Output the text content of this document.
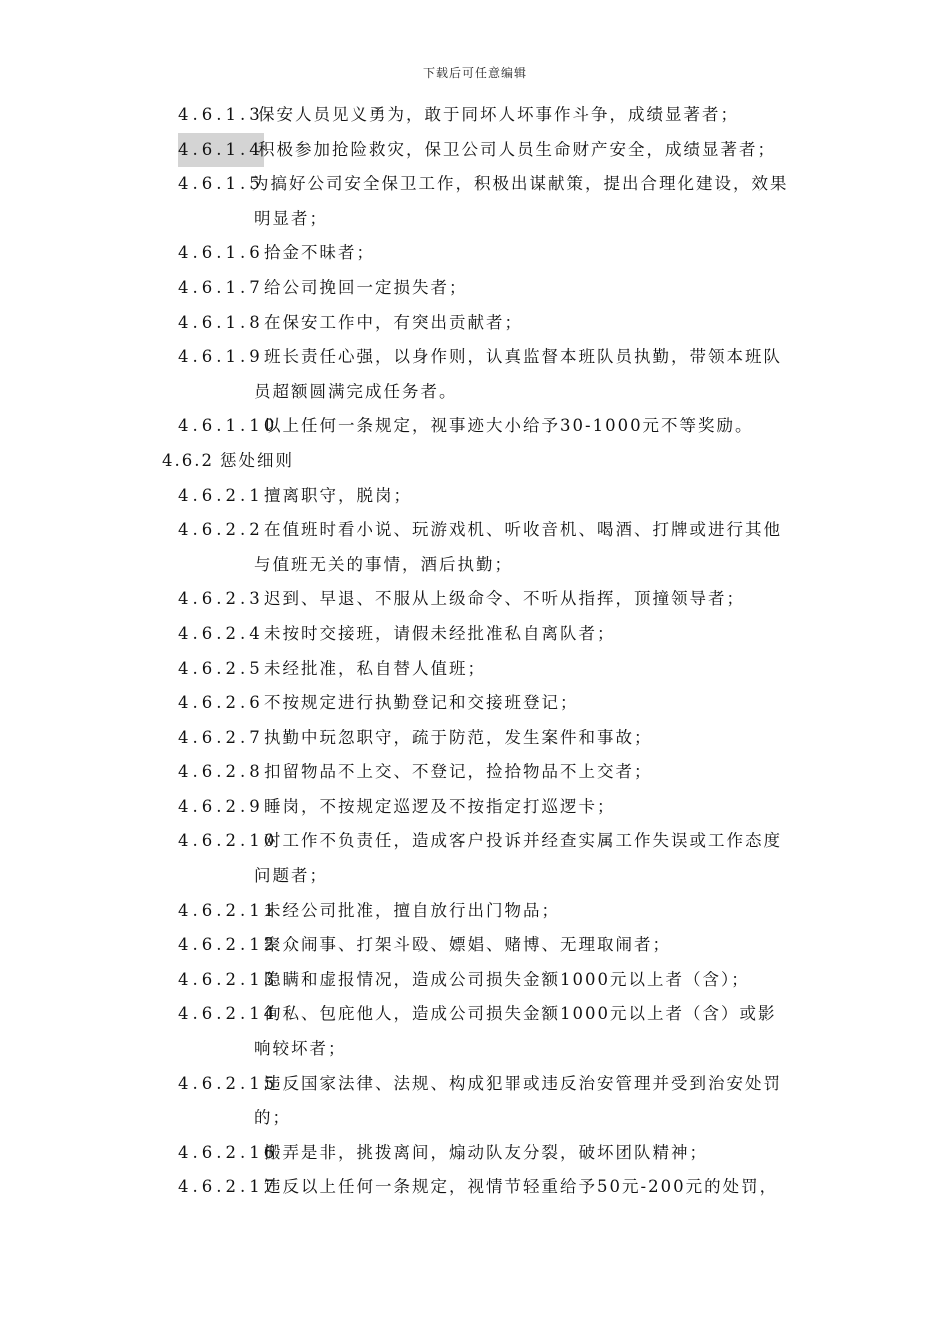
下载后可任意编辑
4.6.1.3
保安人员见义勇为，敢于同坏人坏事作斗争，成绩显著者；
4.6.1.4
积极参加抢险救灾，保卫公司人员生命财产安全，成绩显著者；
4.6.1.5
为搞好公司安全保卫工作，积极出谋献策，提出合理化建设，效果
明显者；
4.6.1.6 拾金不昧者；
4.6.1.7 给公司挽回一定损失者；
4.6.1.8 在保安工作中，有突出贡献者；
4.6.1.9 班长责任心强，以身作则，认真监督本班队员执勤，带领本班队
员超额圆满完成任务者。
4.6.1.10
以上任何一条规定，视事迹大小给予30-1000元不等奖励。
4.6.2 惩处细则
4.6.2.1 擅离职守，脱岗；
4.6.2.2 在值班时看小说、玩游戏机、听收音机、喝酒、打牌或进行其他
与值班无关的事情，酒后执勤；
4.6.2.3 迟到、早退、不服从上级命令、不听从指挥，顶撞领导者；
4.6.2.4 未按时交接班，请假未经批准私自离队者；
4.6.2.5 未经批准，私自替人值班；
4.6.2.6 不按规定进行执勤登记和交接班登记；
4.6.2.7 执勤中玩忽职守，疏于防范，发生案件和事故；
4.6.2.8 扣留物品不上交、不登记，捡拾物品不上交者；
4.6.2.9 睡岗，不按规定巡逻及不按指定打巡逻卡；
4.6.2.10
对工作不负责任，造成客户投诉并经查实属工作失误或工作态度
问题者；
4.6.2.11
未经公司批准，擅自放行出门物品；
4.6.2.12
聚众闹事、打架斗殴、嫖娼、赌博、无理取闹者；
4.6.2.13
隐瞒和虚报情况，造成公司损失金额1000元以上者（含）；
4.6.2.14
徇私、包庇他人，造成公司损失金额1000元以上者（含）或影
响较坏者；
4.6.2.15
违反国家法律、法规、构成犯罪或违反治安管理并受到治安处罚
的；
4.6.2.16
搬弄是非，挑拨离间，煽动队友分裂，破坏团队精神；
4.6.2.17
违反以上任何一条规定，视情节轻重给予50元-200元的处罚，
